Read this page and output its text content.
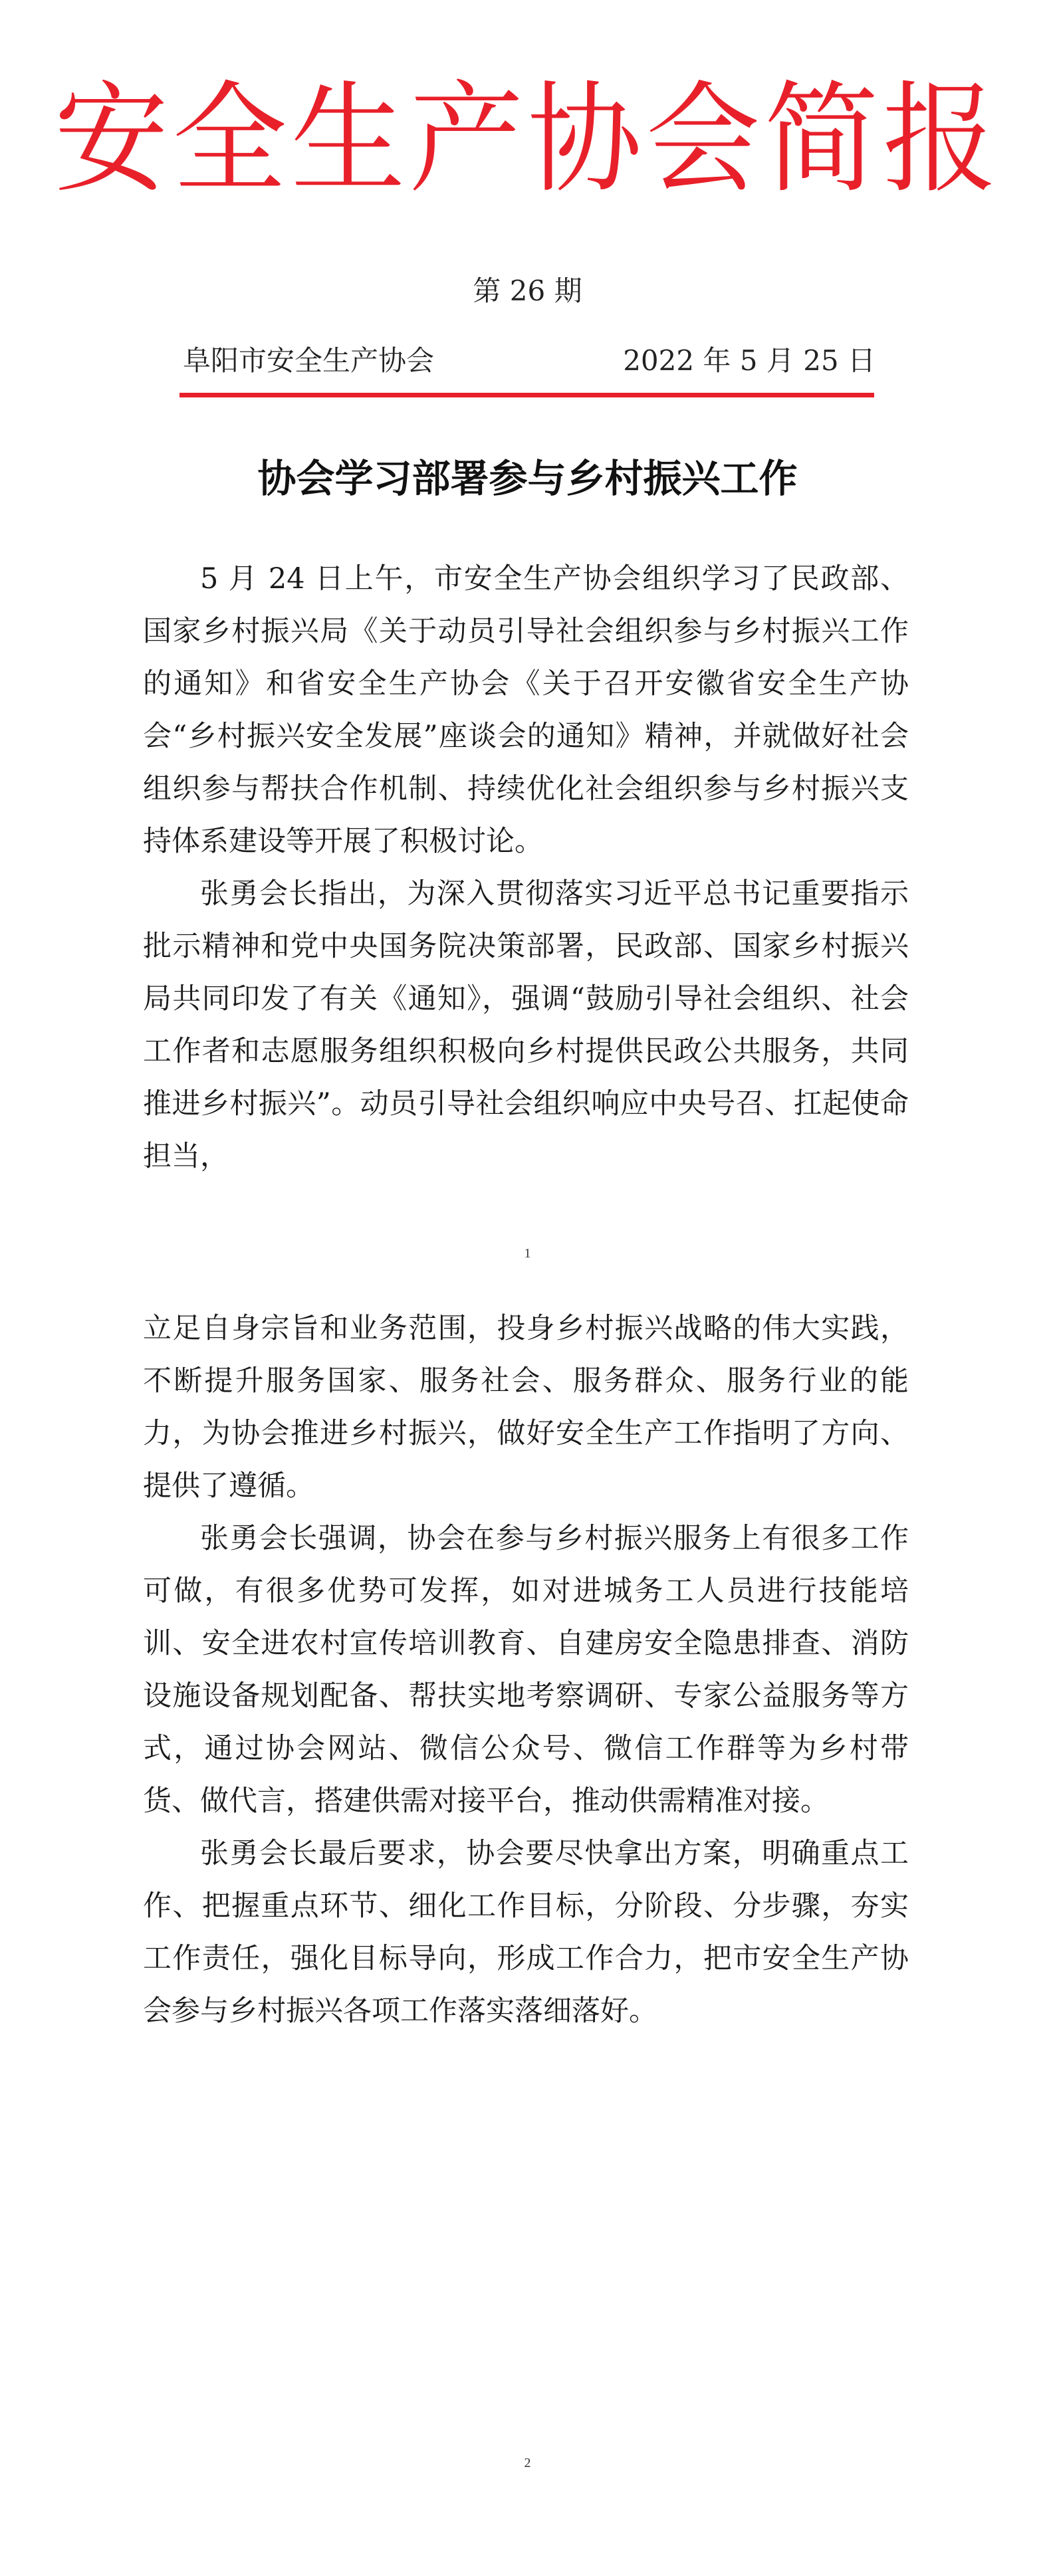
安全生产协会简报
第 26 期
阜阳市安全生产协会	2022 年 5 月 25 日
协会学习部署参与乡村振兴工作

5 月 24 日上午，市安全生产协会组织学习了民政部、国家乡村振兴局《关于动员引导社会组织参与乡村振兴工作的通知》和省安全生产协会《关于召开安徽省安全生产协会“乡村振兴安全发展”座谈会的通知》精神，并就做好社会组织参与帮扶合作机制、持续优化社会组织参与乡村振兴支持体系建设等开展了积极讨论。

张勇会长指出，为深入贯彻落实习近平总书记重要指示批示精神和党中央国务院决策部署，民政部、国家乡村振兴局共同印发了有关《通知》，强调“鼓励引导社会组织、社会工作者和志愿服务组织积极向乡村提供民政公共服务，共同推进乡村振兴”。动员引导社会组织响应中央号召、扛起使命担当，

1

立足自身宗旨和业务范围，投身乡村振兴战略的伟大实践，不断提升服务国家、服务社会、服务群众、服务行业的能力，为协会推进乡村振兴，做好安全生产工作指明了方向、提供了遵循。

张勇会长强调，协会在参与乡村振兴服务上有很多工作可做，有很多优势可发挥，如对进城务工人员进行技能培训、安全进农村宣传培训教育、自建房安全隐患排查、消防设施设备规划配备、帮扶实地考察调研、专家公益服务等方式，通过协会网站、微信公众号、微信工作群等为乡村带货、做代言，搭建供需对接平台，推动供需精准对接。

张勇会长最后要求，协会要尽快拿出方案，明确重点工作、把握重点环节、细化工作目标，分阶段、分步骤，夯实工作责任，强化目标导向，形成工作合力，把市安全生产协会参与乡村振兴各项工作落实落细落好。

2
